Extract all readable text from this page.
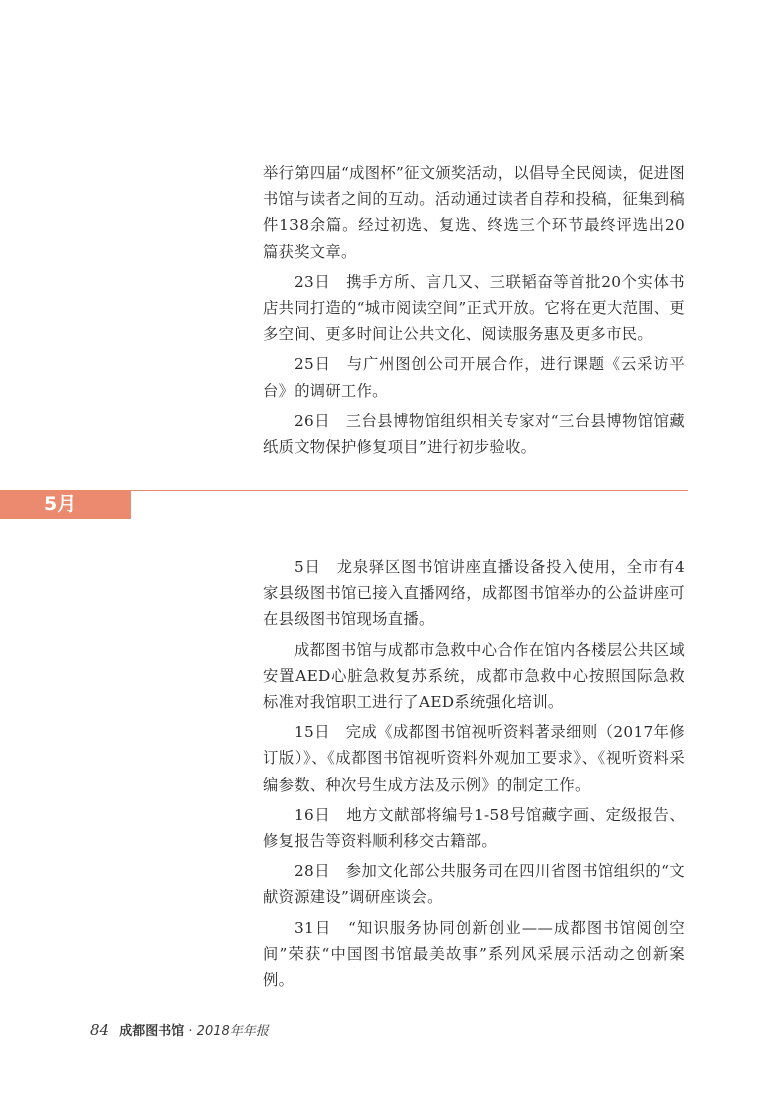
举行第四届“成图杯”征文颁奖活动，以倡导全民阅读，促进图书馆与读者之间的互动。活动通过读者自荐和投稿，征集到稿件138余篇。经过初选、复选、终选三个环节最终评选出20篇获奖文章。

23日　携手方所、言几又、三联韬奋等首批20个实体书店共同打造的“城市阅读空间”正式开放。它将在更大范围、更多空间、更多时间让公共文化、阅读服务惠及更多市民。

25日　与广州图创公司开展合作，进行课题《云采访平台》的调研工作。

26日　三台县博物馆组织相关专家对“三台县博物馆馆藏纸质文物保护修复项目”进行初步验收。

5月

5日　龙泉驿区图书馆讲座直播设备投入使用，全市有4家县级图书馆已接入直播网络，成都图书馆举办的公益讲座可在县级图书馆现场直播。

成都图书馆与成都市急救中心合作在馆内各楼层公共区域安置AED心脏急救复苏系统，成都市急救中心按照国际急救标准对我馆职工进行了AED系统强化培训。

15日　完成《成都图书馆视听资料著录细则（2017年修订版）》、《成都图书馆视听资料外观加工要求》、《视听资料采编参数、种次号生成方法及示例》的制定工作。

16日　地方文献部将编号1-58号馆藏字画、定级报告、修复报告等资料顺利移交古籍部。

28日　参加文化部公共服务司在四川省图书馆组织的“文献资源建设”调研座谈会。

31日　“知识服务协同创新创业——成都图书馆阅创空间”荣获“中国图书馆最美故事”系列风采展示活动之创新案例。

84 成都图书馆 · 2018年年报
